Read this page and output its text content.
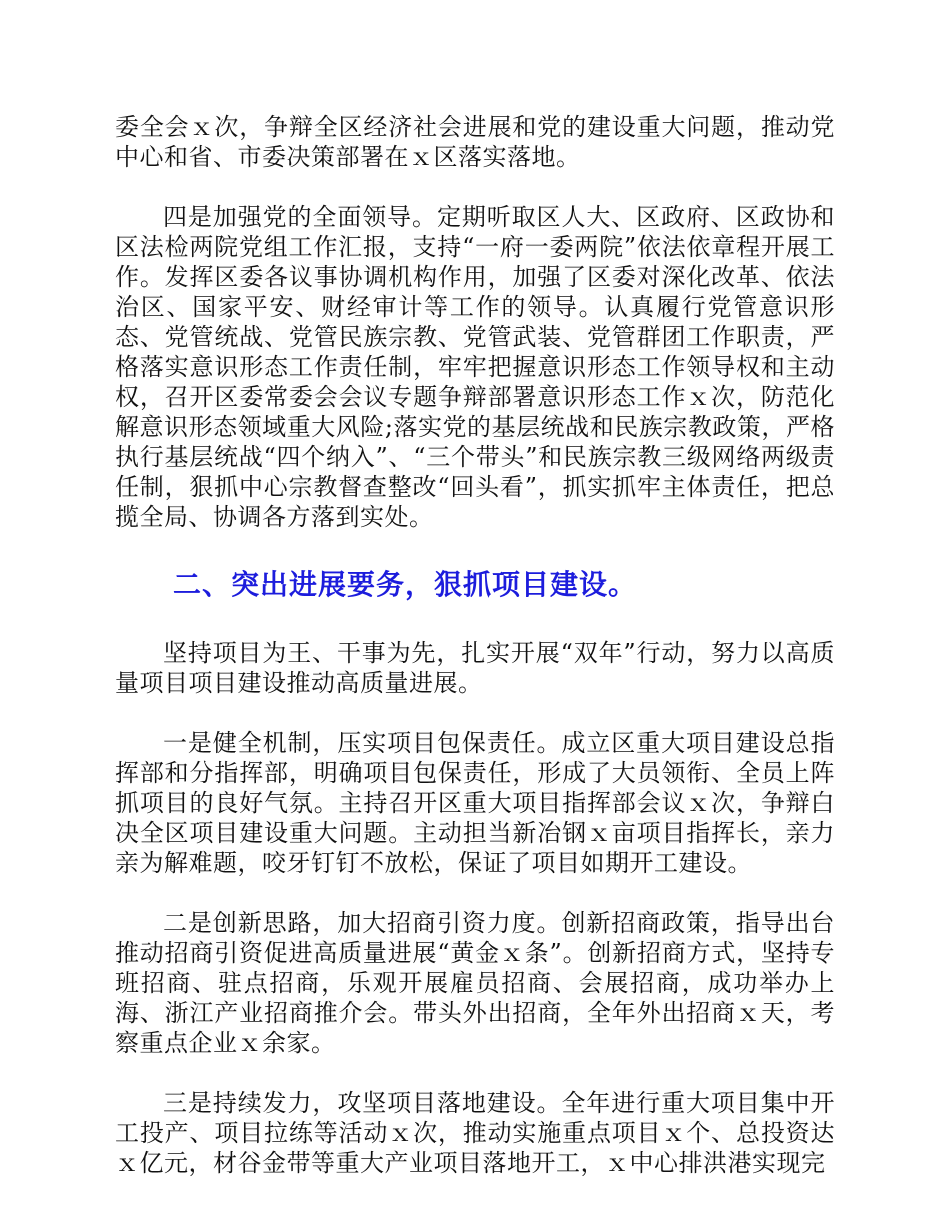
委全会ｘ次，争辩全区经济社会进展和党的建设重大问题，推动党中心和省、市委决策部署在ｘ区落实落地。

四是加强党的全面领导。定期听取区人大、区政府、区政协和区法检两院党组工作汇报，支持“一府一委两院”依法依章程开展工作。发挥区委各议事协调机构作用，加强了区委对深化改革、依法治区、国家平安、财经审计等工作的领导。认真履行党管意识形态、党管统战、党管民族宗教、党管武装、党管群团工作职责，严格落实意识形态工作责任制，牢牢把握意识形态工作领导权和主动权，召开区委常委会会议专题争辩部署意识形态工作ｘ次，防范化解意识形态领域重大风险;落实党的基层统战和民族宗教政策，严格执行基层统战“四个纳入”、“三个带头”和民族宗教三级网络两级责任制，狠抓中心宗教督查整改“回头看”，抓实抓牢主体责任，把总揽全局、协调各方落到实处。

二、突出进展要务，狠抓项目建设。

坚持项目为王、干事为先，扎实开展“双年”行动，努力以高质量项目项目建设推动高质量进展。

一是健全机制，压实项目包保责任。成立区重大项目建设总指挥部和分指挥部，明确项目包保责任，形成了大员领衔、全员上阵抓项目的良好气氛。主持召开区重大项目指挥部会议ｘ次，争辩白决全区项目建设重大问题。主动担当新冶钢ｘ亩项目指挥长，亲力亲为解难题，咬牙钉钉不放松，保证了项目如期开工建设。

二是创新思路，加大招商引资力度。创新招商政策，指导出台推动招商引资促进高质量进展“黄金ｘ条”。创新招商方式，坚持专班招商、驻点招商，乐观开展雇员招商、会展招商，成功举办上海、浙江产业招商推介会。带头外出招商，全年外出招商ｘ天，考察重点企业ｘ余家。

三是持续发力，攻坚项目落地建设。全年进行重大项目集中开工投产、项目拉练等活动ｘ次，推动实施重点项目ｘ个、总投资达ｘ亿元，材谷金带等重大产业项目落地开工，ｘ中心排洪港实现完
